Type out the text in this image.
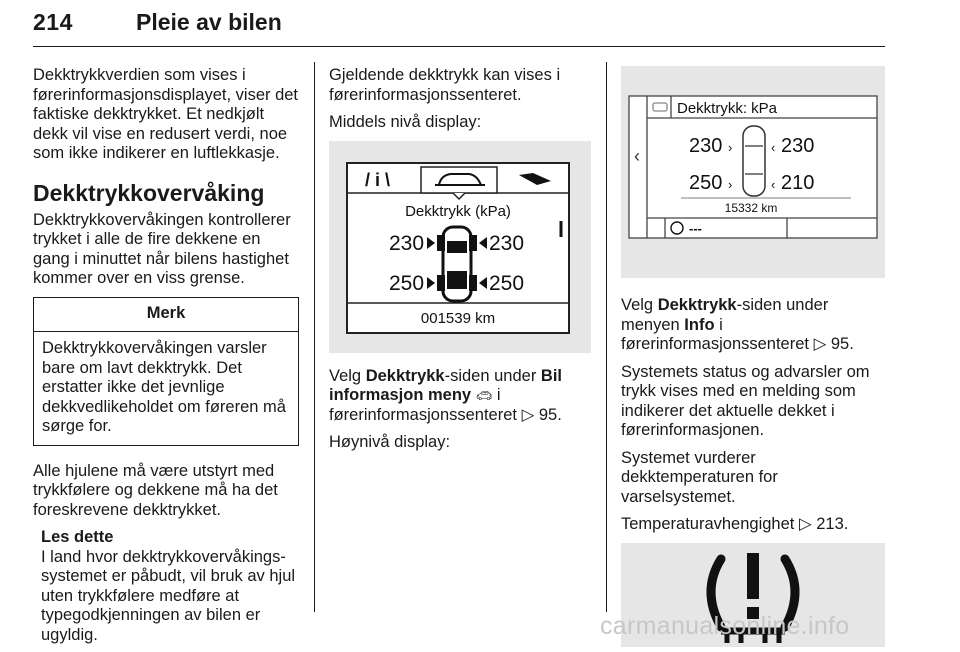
214	Pleie av bilen

Dekktrykkverdien som vises i førerinformasjonsdisplayet, viser det faktiske dekktrykket. Et nedkjølt dekk vil vise en redusert verdi, noe som ikke indikerer en luftlekkasje.

Dekktrykkovervåking

Dekktrykkovervåkingen kontrollerer trykket i alle de fire dekkene en gang i minuttet når bilens hastighet kommer over en viss grense.

Merk
Dekktrykkovervåkingen varsler bare om lavt dekktrykk. Det erstatter ikke det jevnlige dekkvedlikeholdet om føreren må sørge for.

Alle hjulene må være utstyrt med trykkfølere og dekkene må ha det foreskrevene dekktrykket.

Les dette
I land hvor dekktrykkovervåkingssystemet er påbudt, vil bruk av hjul uten trykkfølere medføre at typegodkjenningen av bilen er ugyldig.

Gjeldende dekktrykk kan vises i førerinformasjonssenteret.

Middels nivå display:

/ i \
Dekktrykk (kPa)
230	230
250	250
001539 km

Velg Dekktrykk-siden under Bil informasjon meny 🚗︎ i førerinformasjonssenteret ▷ 95.

Høynivå display:

‹
Dekktrykk: kPa
230 ›	‹ 230
250 ›	‹ 210
15332 km
---

Velg Dekktrykk-siden under menyen Info i førerinformasjonssenteret ▷ 95.

Systemets status og advarsler om trykk vises med en melding som indikerer det aktuelle dekket i førerinformasjonen.

Systemet vurderer dekktemperaturen for varselsystemet.

Temperaturavhengighet ▷ 213.

carmanualsonline.info
